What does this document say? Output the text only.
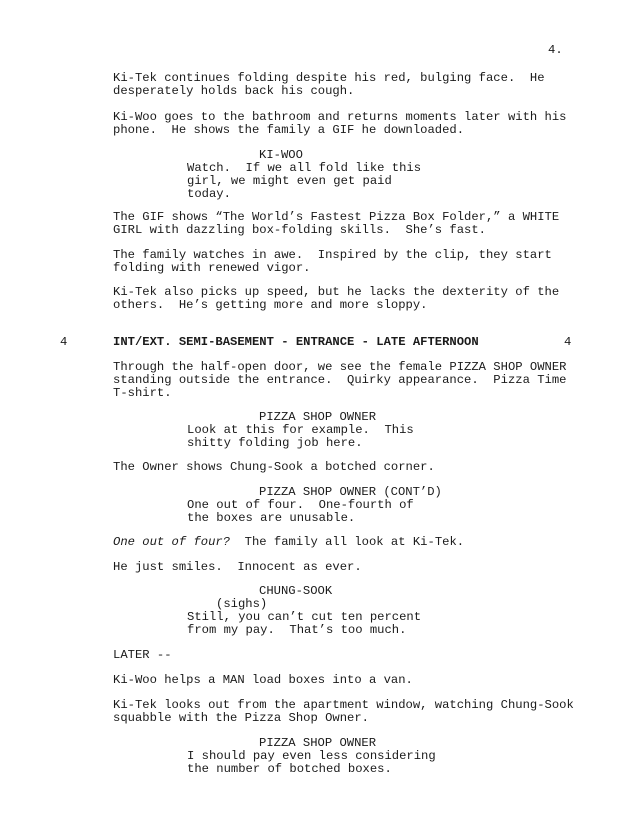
4.
Ki-Tek continues folding despite his red, bulging face.  He
desperately holds back his cough.
Ki-Woo goes to the bathroom and returns moments later with his
phone.  He shows the family a GIF he downloaded.
KI-WOO
Watch.  If we all fold like this
girl, we might even get paid
today.
The GIF shows “The World’s Fastest Pizza Box Folder,” a WHITE
GIRL with dazzling box-folding skills.  She’s fast.
The family watches in awe.  Inspired by the clip, they start
folding with renewed vigor.
Ki-Tek also picks up speed, but he lacks the dexterity of the
others.  He’s getting more and more sloppy.
4	INT/EXT. SEMI-BASEMENT - ENTRANCE - LATE AFTERNOON	4
Through the half-open door, we see the female PIZZA SHOP OWNER
standing outside the entrance.  Quirky appearance.  Pizza Time
T-shirt.
PIZZA SHOP OWNER
Look at this for example.  This
shitty folding job here.
The Owner shows Chung-Sook a botched corner.
PIZZA SHOP OWNER (CONT’D)
One out of four.  One-fourth of
the boxes are unusable.
One out of four?  The family all look at Ki-Tek.
He just smiles.  Innocent as ever.
CHUNG-SOOK
(sighs)
Still, you can’t cut ten percent
from my pay.  That’s too much.
LATER --
Ki-Woo helps a MAN load boxes into a van.
Ki-Tek looks out from the apartment window, watching Chung-Sook
squabble with the Pizza Shop Owner.
PIZZA SHOP OWNER
I should pay even less considering
the number of botched boxes.
